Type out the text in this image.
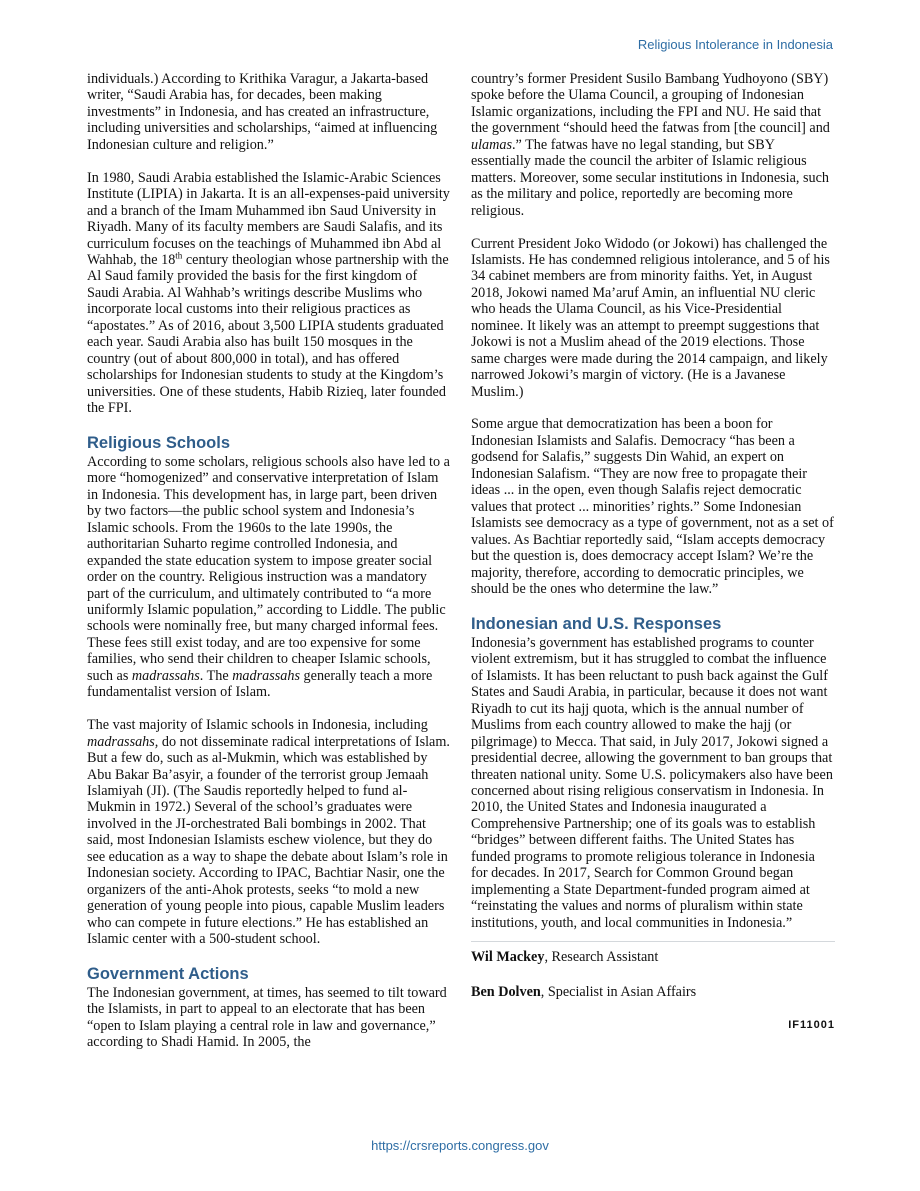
Religious Intolerance in Indonesia

individuals.) According to Krithika Varagur, a Jakarta-based writer, “Saudi Arabia has, for decades, been making investments” in Indonesia, and has created an infrastructure, including universities and scholarships, “aimed at influencing Indonesian culture and religion.”

In 1980, Saudi Arabia established the Islamic-Arabic Sciences Institute (LIPIA) in Jakarta. It is an all-expenses-paid university and a branch of the Imam Muhammed ibn Saud University in Riyadh. Many of its faculty members are Saudi Salafis, and its curriculum focuses on the teachings of Muhammed ibn Abd al Wahhab, the 18th century theologian whose partnership with the Al Saud family provided the basis for the first kingdom of Saudi Arabia. Al Wahhab’s writings describe Muslims who incorporate local customs into their religious practices as “apostates.” As of 2016, about 3,500 LIPIA students graduated each year. Saudi Arabia also has built 150 mosques in the country (out of about 800,000 in total), and has offered scholarships for Indonesian students to study at the Kingdom’s universities. One of these students, Habib Rizieq, later founded the FPI.

Religious Schools

According to some scholars, religious schools also have led to a more “homogenized” and conservative interpretation of Islam in Indonesia. This development has, in large part, been driven by two factors—the public school system and Indonesia’s Islamic schools. From the 1960s to the late 1990s, the authoritarian Suharto regime controlled Indonesia, and expanded the state education system to impose greater social order on the country. Religious instruction was a mandatory part of the curriculum, and ultimately contributed to “a more uniformly Islamic population,” according to Liddle. The public schools were nominally free, but many charged informal fees. These fees still exist today, and are too expensive for some families, who send their children to cheaper Islamic schools, such as madrassahs. The madrassahs generally teach a more fundamentalist version of Islam.

The vast majority of Islamic schools in Indonesia, including madrassahs, do not disseminate radical interpretations of Islam. But a few do, such as al-Mukmin, which was established by Abu Bakar Ba’asyir, a founder of the terrorist group Jemaah Islamiyah (JI). (The Saudis reportedly helped to fund al-Mukmin in 1972.) Several of the school’s graduates were involved in the JI-orchestrated Bali bombings in 2002. That said, most Indonesian Islamists eschew violence, but they do see education as a way to shape the debate about Islam’s role in Indonesian society. According to IPAC, Bachtiar Nasir, one the organizers of the anti-Ahok protests, seeks “to mold a new generation of young people into pious, capable Muslim leaders who can compete in future elections.” He has established an Islamic center with a 500-student school.

Government Actions

The Indonesian government, at times, has seemed to tilt toward the Islamists, in part to appeal to an electorate that has been “open to Islam playing a central role in law and governance,” according to Shadi Hamid. In 2005, the

country’s former President Susilo Bambang Yudhoyono (SBY) spoke before the Ulama Council, a grouping of Indonesian Islamic organizations, including the FPI and NU. He said that the government “should heed the fatwas from [the council] and ulamas.” The fatwas have no legal standing, but SBY essentially made the council the arbiter of Islamic religious matters. Moreover, some secular institutions in Indonesia, such as the military and police, reportedly are becoming more religious.

Current President Joko Widodo (or Jokowi) has challenged the Islamists. He has condemned religious intolerance, and 5 of his 34 cabinet members are from minority faiths. Yet, in August 2018, Jokowi named Ma’aruf Amin, an influential NU cleric who heads the Ulama Council, as his Vice-Presidential nominee. It likely was an attempt to preempt suggestions that Jokowi is not a Muslim ahead of the 2019 elections. Those same charges were made during the 2014 campaign, and likely narrowed Jokowi’s margin of victory. (He is a Javanese Muslim.)

Some argue that democratization has been a boon for Indonesian Islamists and Salafis. Democracy “has been a godsend for Salafis,” suggests Din Wahid, an expert on Indonesian Salafism. “They are now free to propagate their ideas ... in the open, even though Salafis reject democratic values that protect ... minorities’ rights.” Some Indonesian Islamists see democracy as a type of government, not as a set of values. As Bachtiar reportedly said, “Islam accepts democracy but the question is, does democracy accept Islam? We’re the majority, therefore, according to democratic principles, we should be the ones who determine the law.”

Indonesian and U.S. Responses

Indonesia’s government has established programs to counter violent extremism, but it has struggled to combat the influence of Islamists. It has been reluctant to push back against the Gulf States and Saudi Arabia, in particular, because it does not want Riyadh to cut its hajj quota, which is the annual number of Muslims from each country allowed to make the hajj (or pilgrimage) to Mecca. That said, in July 2017, Jokowi signed a presidential decree, allowing the government to ban groups that threaten national unity. Some U.S. policymakers also have been concerned about rising religious conservatism in Indonesia. In 2010, the United States and Indonesia inaugurated a Comprehensive Partnership; one of its goals was to establish “bridges” between different faiths. The United States has funded programs to promote religious tolerance in Indonesia for decades. In 2017, Search for Common Ground began implementing a State Department-funded program aimed at “reinstating the values and norms of pluralism within state institutions, youth, and local communities in Indonesia.”

Wil Mackey, Research Assistant

Ben Dolven, Specialist in Asian Affairs

IF11001
https://crsreports.congress.gov
